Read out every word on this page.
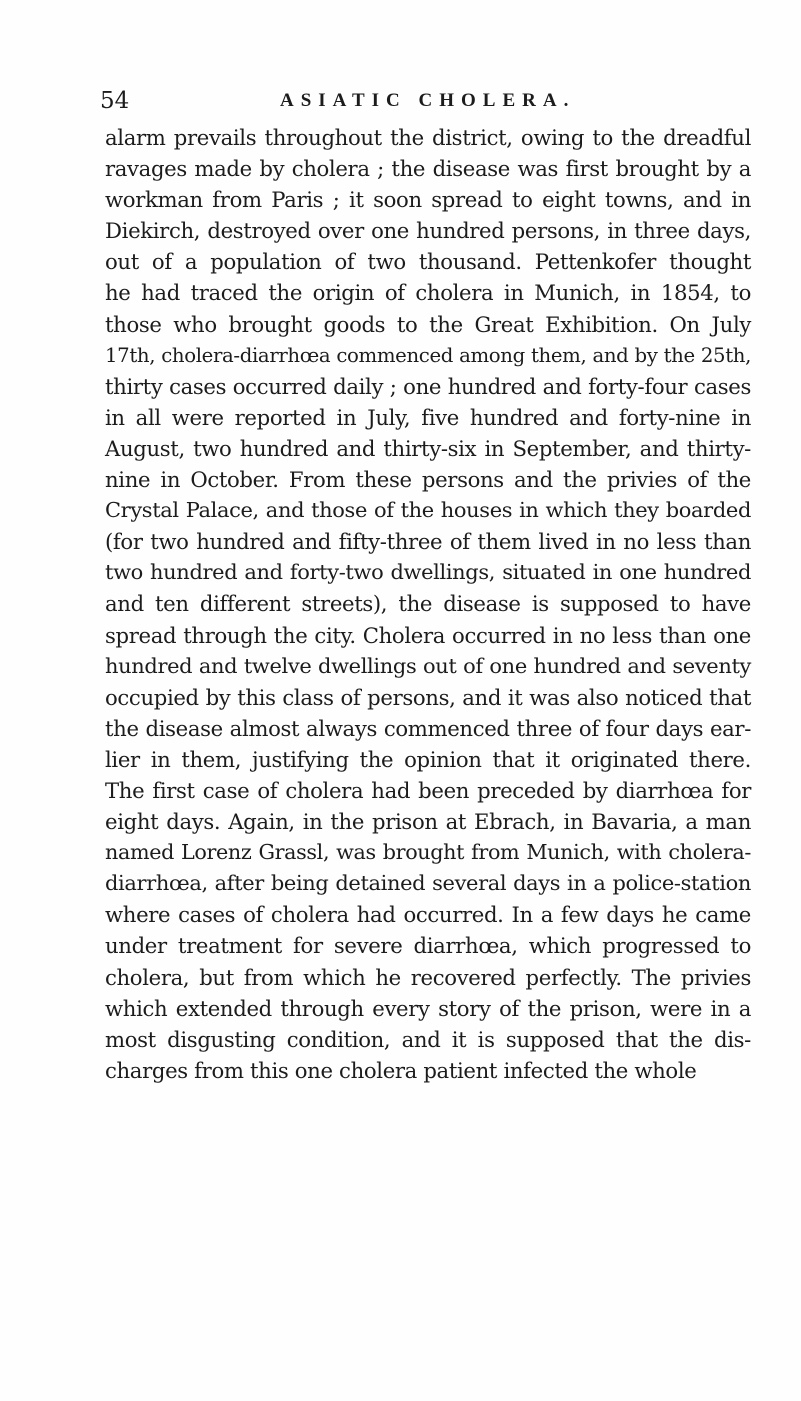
54	ASIATIC CHOLERA.
alarm prevails throughout the district, owing to the dreadful
ravages made by cholera ; the disease was first brought by a
workman from Paris ; it soon spread to eight towns, and in
Diekirch, destroyed over one hundred persons, in three days,
out of a population of two thousand. Pettenkofer thought
he had traced the origin of cholera in Munich, in 1854, to
those who brought goods to the Great Exhibition. On July
17th, cholera-diarrhœa commenced among them, and by the 25th,
thirty cases occurred daily ; one hundred and forty-four cases
in all were reported in July, five hundred and forty-nine in
August, two hundred and thirty-six in September, and thirty-
nine in October. From these persons and the privies of the
Crystal Palace, and those of the houses in which they boarded
(for two hundred and fifty-three of them lived in no less than
two hundred and forty-two dwellings, situated in one hundred
and ten different streets), the disease is supposed to have
spread through the city. Cholera occurred in no less than one
hundred and twelve dwellings out of one hundred and seventy
occupied by this class of persons, and it was also noticed that
the disease almost always commenced three of four days ear-
lier in them, justifying the opinion that it originated there.
The first case of cholera had been preceded by diarrhœa for
eight days. Again, in the prison at Ebrach, in Bavaria, a man
named Lorenz Grassl, was brought from Munich, with cholera-
diarrhœa, after being detained several days in a police-station
where cases of cholera had occurred. In a few days he came
under treatment for severe diarrhœa, which progressed to
cholera, but from which he recovered perfectly. The privies
which extended through every story of the prison, were in a
most disgusting condition, and it is supposed that the dis-
charges from this one cholera patient infected the whole
